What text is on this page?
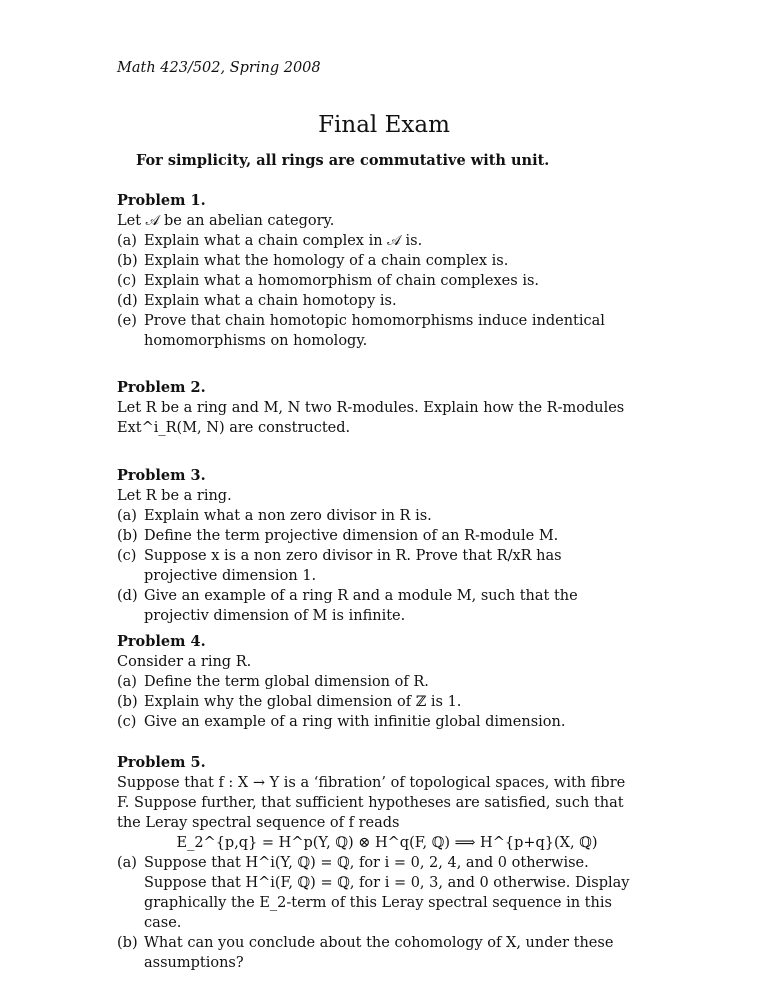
Math 423/502, Spring 2008
Final Exam
For simplicity, all rings are commutative with unit.
Problem 1.
Let 𝒜 be an abelian category.
(a) Explain what a chain complex in 𝒜 is.
(b) Explain what the homology of a chain complex is.
(c) Explain what a homomorphism of chain complexes is.
(d) Explain what a chain homotopy is.
(e) Prove that chain homotopic homomorphisms induce indentical homomorphisms on homology.
Problem 2.
Let R be a ring and M, N two R-modules. Explain how the R-modules Ext^i_R(M, N) are constructed.
Problem 3.
Let R be a ring.
(a) Explain what a non zero divisor in R is.
(b) Define the term projective dimension of an R-module M.
(c) Suppose x is a non zero divisor in R. Prove that R/xR has projective dimension 1.
(d) Give an example of a ring R and a module M, such that the projectiv dimension of M is infinite.
Problem 4.
Consider a ring R.
(a) Define the term global dimension of R.
(b) Explain why the global dimension of ℤ is 1.
(c) Give an example of a ring with infinitie global dimension.
Problem 5.
Suppose that f : X → Y is a ‘fibration’ of topological spaces, with fibre F. Suppose further, that sufficient hypotheses are satisfied, such that the Leray spectral sequence of f reads
E_2^{p,q} = H^p(Y, ℚ) ⊗ H^q(F, ℚ) ⟹ H^{p+q}(X, ℚ)
(a) Suppose that H^i(Y, ℚ) = ℚ, for i = 0, 2, 4, and 0 otherwise. Suppose that H^i(F, ℚ) = ℚ, for i = 0, 3, and 0 otherwise. Display graphically the E_2-term of this Leray spectral sequence in this case.
(b) What can you conclude about the cohomology of X, under these assumptions?
